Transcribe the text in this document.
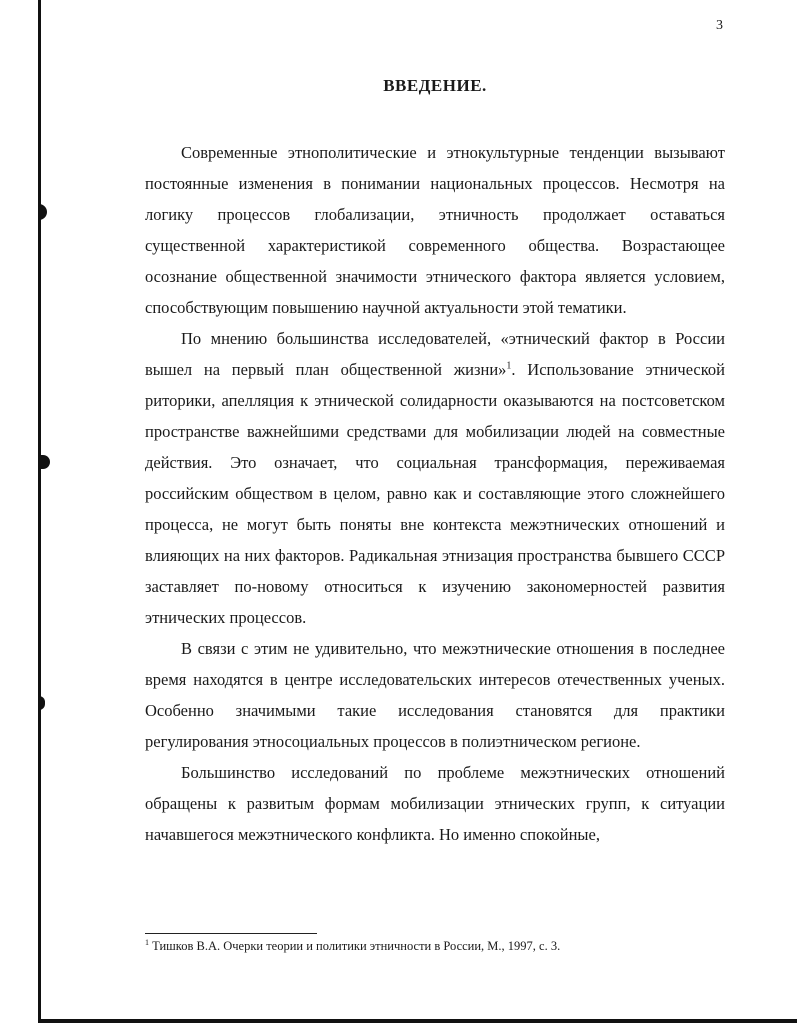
3
ВВЕДЕНИЕ.

Современные этнополитические и этнокультурные тенденции вызывают постоянные изменения в понимании национальных процессов. Несмотря на логику процессов глобализации, этничность продолжает оставаться существенной характеристикой современного общества. Возрастающее осознание общественной значимости этнического фактора является условием, способствующим повышению научной актуальности этой тематики.

По мнению большинства исследователей, «этнический фактор в России вышел на первый план общественной жизни»$^1$. Использование этнической риторики, апелляция к этнической солидарности оказываются на постсоветском пространстве важнейшими средствами для мобилизации людей на совместные действия. Это означает, что социальная трансформация, переживаемая российским обществом в целом, равно как и составляющие этого сложнейшего процесса, не могут быть поняты вне контекста межэтнических отношений и влияющих на них факторов. Радикальная этнизация пространства бывшего СССР заставляет по-новому относиться к изучению закономерностей развития этнических процессов.

В связи с этим не удивительно, что межэтнические отношения в последнее время находятся в центре исследовательских интересов отечественных ученых. Особенно значимыми такие исследования становятся для практики регулирования этносоциальных процессов в полиэтническом регионе.

Большинство исследований по проблеме межэтнических отношений обращены к развитым формам мобилизации этнических групп, к ситуации начавшегося межэтнического конфликта. Но именно спокойные,

$^1$ Тишков В.А. Очерки теории и политики этничности в России, М., 1997, с. 3.
